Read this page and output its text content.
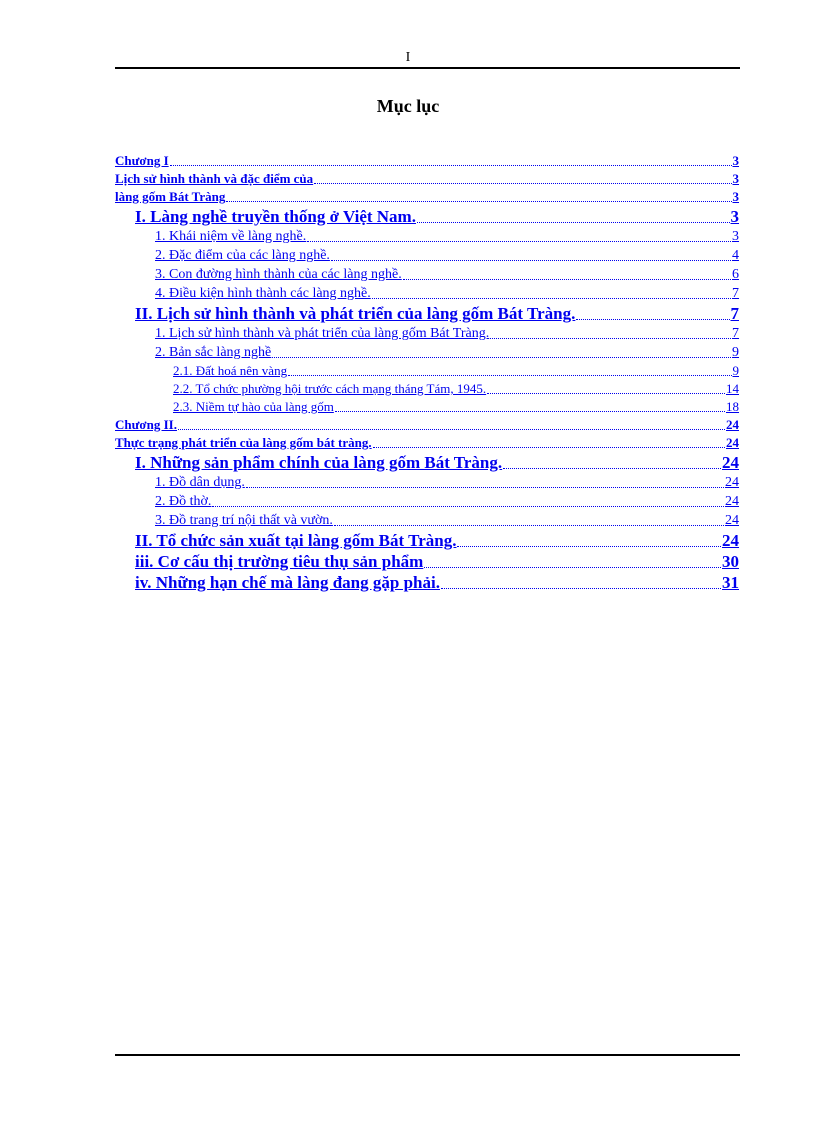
I
Mục lục
Chương I	3
Lịch sử hình thành và đặc điểm của	3
làng gốm Bát Tràng	3
I. Làng nghề truyền thống ở Việt Nam.	3
1. Khái niệm về làng nghề.	3
2. Đặc điểm của các làng nghề.	4
3. Con đường hình thành của các làng nghề.	6
4. Điều kiện hình thành các làng nghề.	7
II. Lịch sử hình thành và phát triển của làng gốm Bát Tràng.	7
1. Lịch sử hình thành và phát triển của làng gốm Bát Tràng.	7
2. Bản sắc làng nghề	9
2.1. Đất hoá nên vàng	9
2.2. Tổ chức phường hội trước cách mạng tháng Tám, 1945.	14
2.3. Niềm tự hào của làng gốm	18
Chương II.	24
Thực trạng phát triển của làng gốm bát tràng.	24
I. Những sản phẩm chính của làng gốm Bát Tràng.	24
1. Đồ dân dụng.	24
2. Đồ thờ.	24
3. Đồ trang trí nội thất và vườn.	24
II. Tổ chức sản xuất tại làng gốm Bát Tràng.	24
iii. Cơ cấu thị trường tiêu thụ sản phẩm	30
iv. Những hạn chế mà làng đang gặp phải.	31
